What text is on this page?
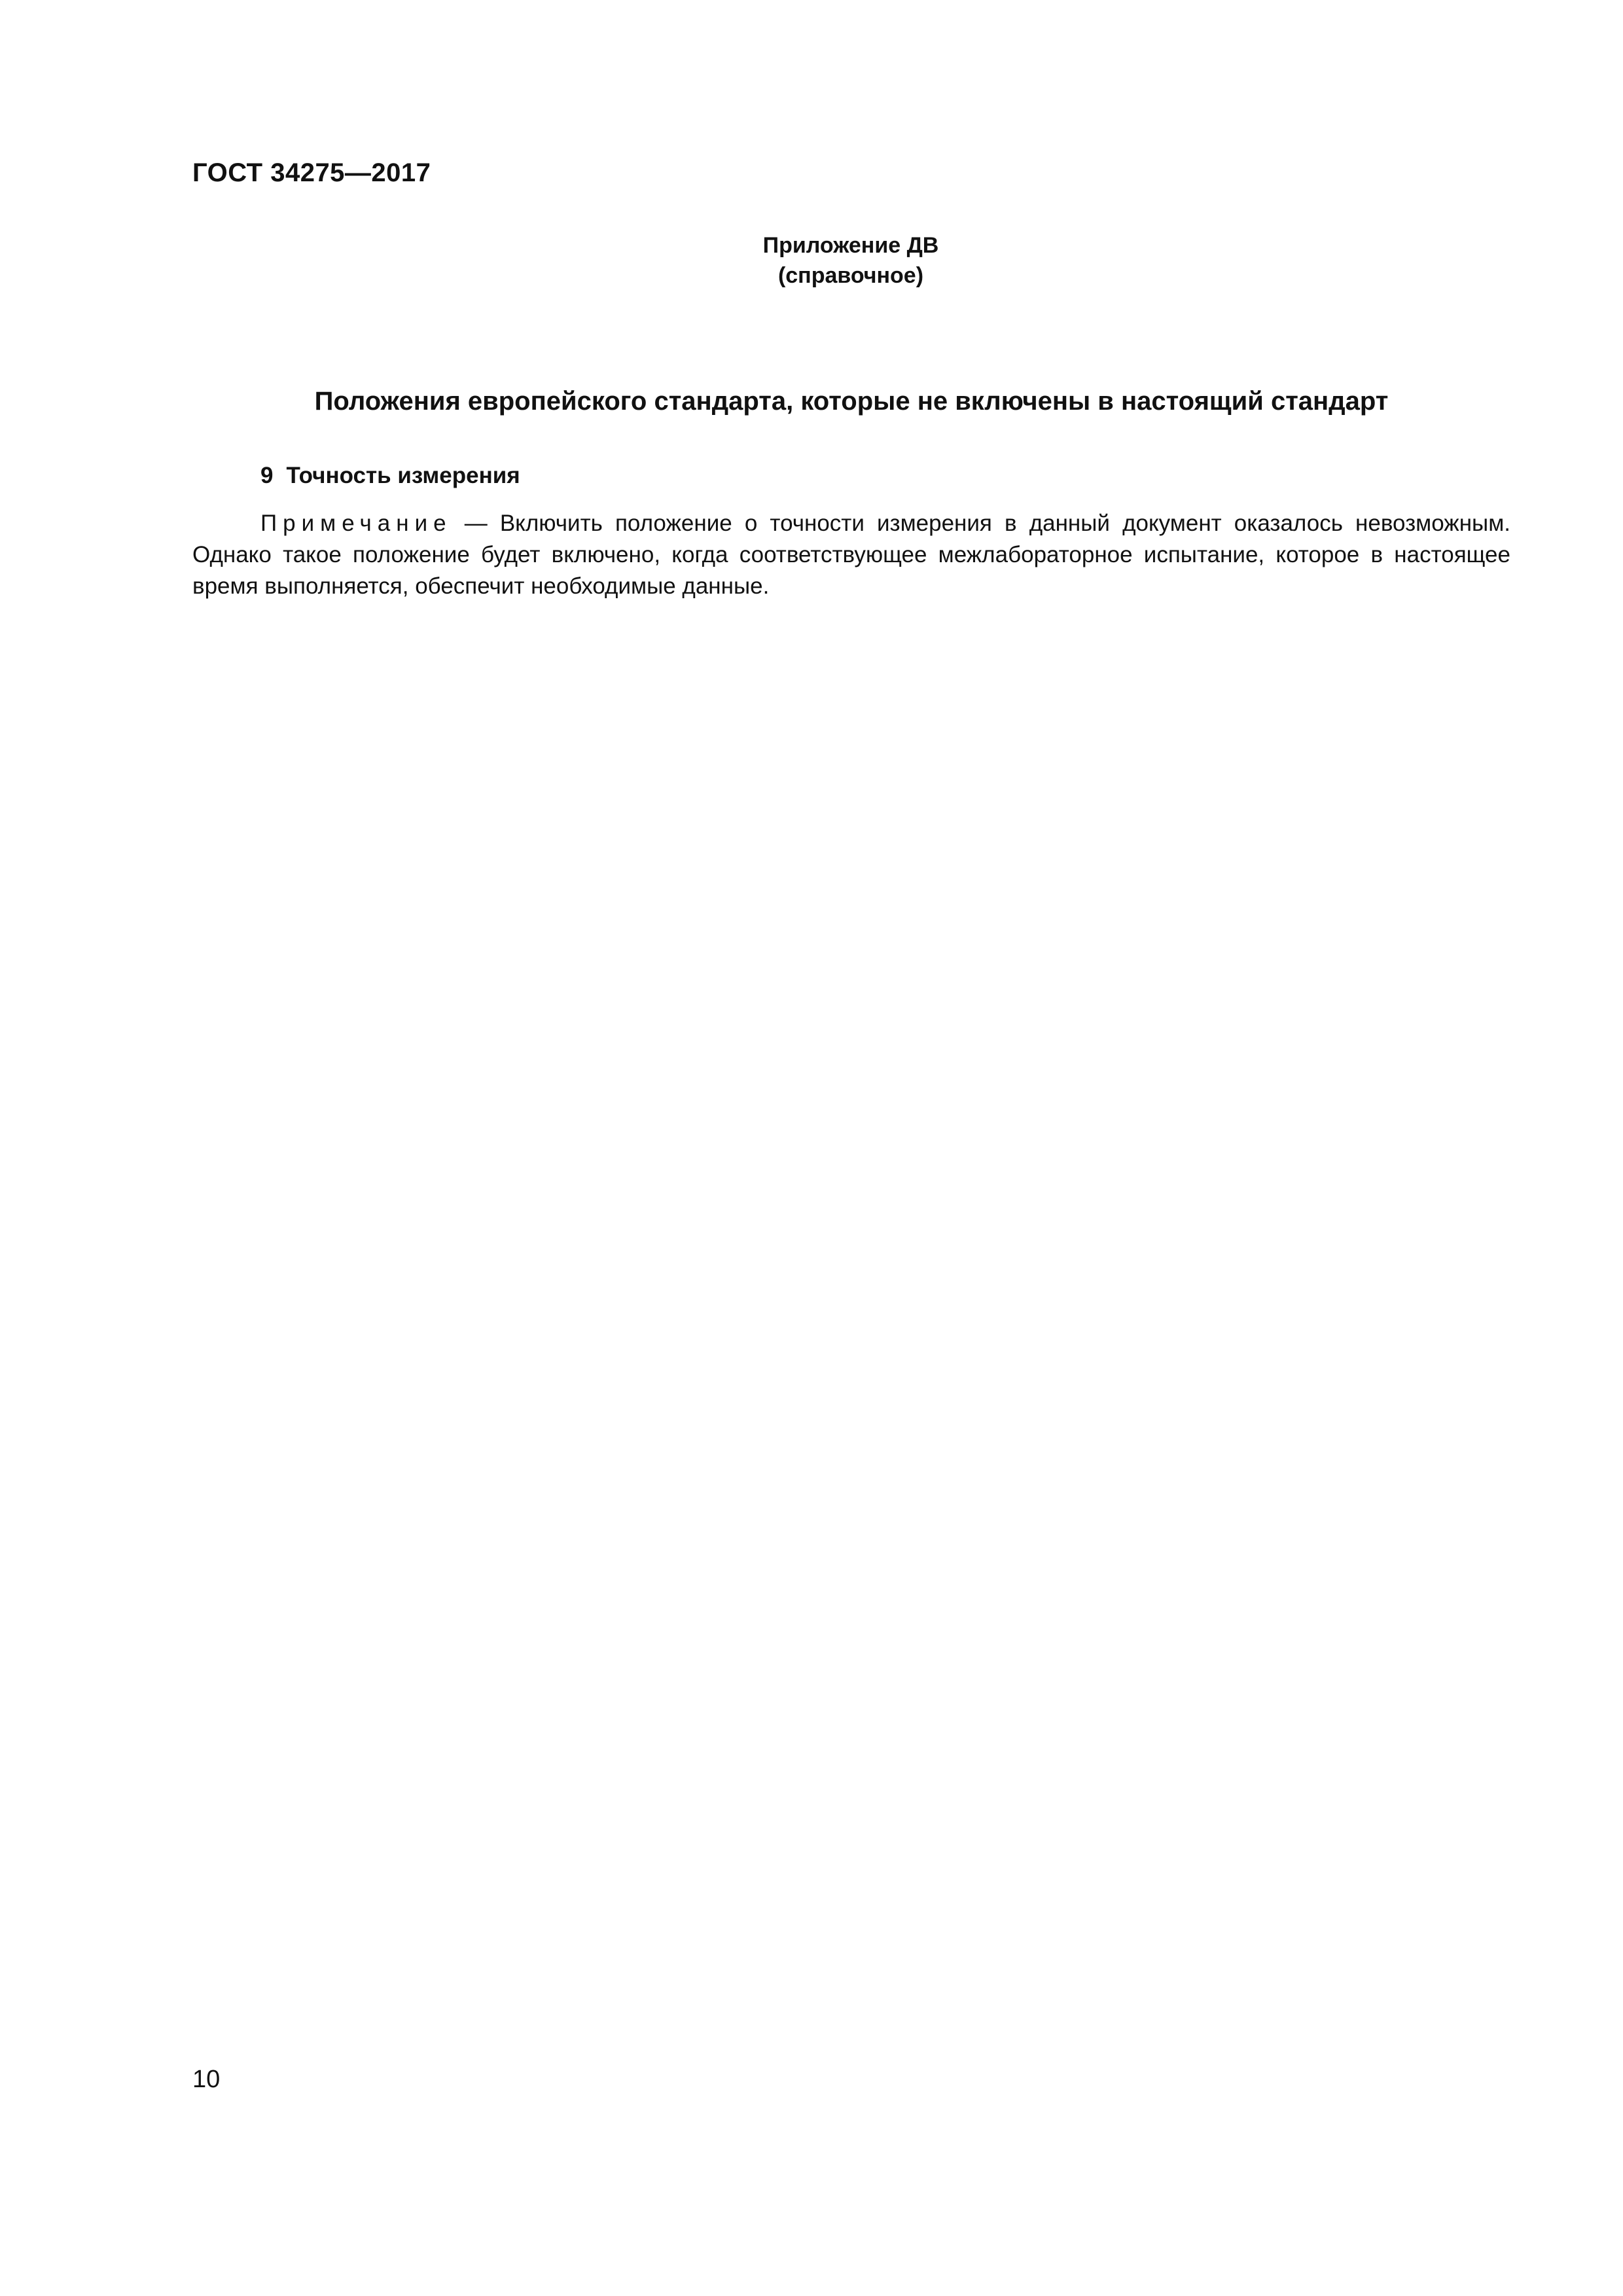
ГОСТ 34275—2017
Приложение ДВ
(справочное)
Положения европейского стандарта, которые не включены в настоящий стандарт
9 Точность измерения
Примечание — Включить положение о точности измерения в данный документ оказалось невозможным. Однако такое положение будет включено, когда соответствующее межлабораторное испытание, которое в настоящее время выполняется, обеспечит необходимые данные.
10
